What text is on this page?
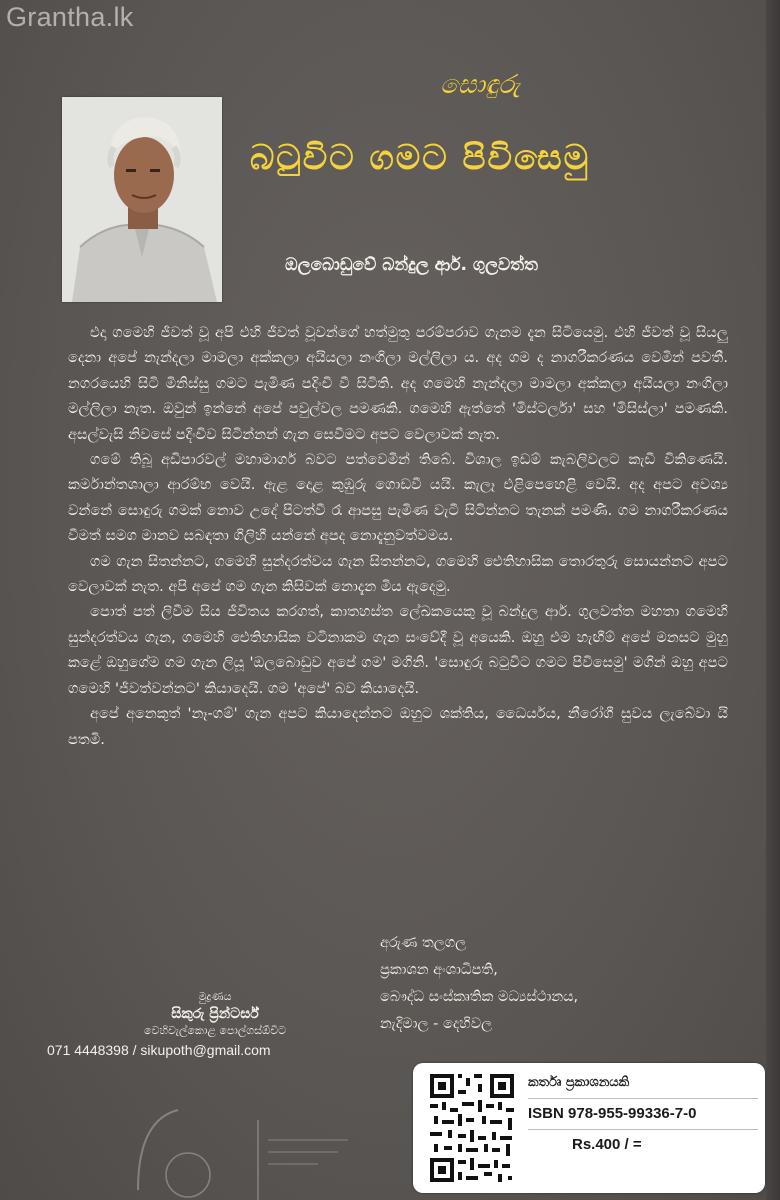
Grantha.lk
සොඳුරු
බටුවිට ගමට පිවිසෙමු
ඔලබොඩුවේ බන්දුල ආර්. ගුලවත්ත

එදා ගමෙහි ජීවත් වූ අපි එහි ජීවත් වූවන්ගේ හත්මුතු පරම්පරාව ගැනම දැන සිටියෙමු. එහි ජීවත් වූ සියලු දෙනා අපේ නැන්දලා මාමලා අක්කලා අයියලා නංගිලා මල්ලිලා ය. අද ගම ද නාගරීකරණය වෙමින් පවතී. නගරයෙහි සිටි මිනිස්සු ගමට පැමිණ පදිංචි වී සිටිති. අද ගමෙහි නැන්දලා මාමලා අක්කලා අයියලා නංගිලා මල්ලිලා නැත. ඔවුන් ඉන්නේ අපේ පවුල්වල පමණකි. ගමෙහි ඇත්තේ 'මිස්ටර්ලා' සහ 'මිසිස්ලා' පමණකි. අසල්වැසි නිවසේ පදිංචිව සිටින්නන් ගැන සෙවීමට අපට වෙලාවක් නැත.

ගමේ තිබූ අඩිපාරවල් මහාමාර්ග බවට පත්වෙමින් තිබේ. විශාල ඉඩම් කැබලිවලට කැඩී විකිණෙයි. කර්මාන්තශාලා ආරම්භ වෙයි. ඇළ දොළ කුඹුරු ගොඩවී යයි. කැලෑ එළිපෙහෙළි වෙයි. අද අපට අවශ්‍ය වන්නේ සොඳුරු ගමක් නොව උදේ පිටත්වී රෑ ආපසු පැමිණ වැටී සිටින්නට තැනක් පමණි. ගම නාගරීකරණය වීමත් සමග මානව සබඳතා ගිලිහී යන්නේ අපද නොදැනුවත්වමය.

ගම ගැන සිතන්නට, ගමෙහි සුන්දරත්වය ගැන සිතන්නට, ගමෙහි ඓතිහාසික තොරතුරු සොයන්නට අපට වෙලාවක් නැත. අපි අපේ ගම ගැන කිසිවක් නොදැන මිය ඇදෙමු.

පොත් පත් ලිවීම සිය ජීවිතය කරගත්, කාතහස්ත ලේඛකයෙකු වූ බන්දුල ආර්. ගුලවත්ත මහතා ගමෙහි සුන්දරත්වය ගැන, ගමෙහි ඓතිහාසික වටිනාකම ගැන සංවේදී වූ අයෙකි. ඔහු එම හැඟීම් අපේ මනසට මුහු කළේ ඔහුගේම ගම ගැන ලියූ 'ඔලබොඩුව අපේ ගම' මගිනි. 'සොඳුරු බටුවිට ගමට පිවිසෙමු' මගින් ඔහු අපට ගමෙහි 'ජීවත්වන්නට' කියාදෙයි. ගම 'අපේ' බව කියාදෙයි.

අපේ අනෙකුත් 'නෑ-ගම්' ගැන අපට කියාදෙන්නට ඔහුට ශක්තිය, ධෛර්යය, නීරෝගී සුවය ලැබේවා යි පතමි.

අරුණ තලගල
ප්‍රකාශන අංශාධිපති,
බෞද්ධ සංස්කෘතික මධ්‍යස්ථානය,
නැදිමාල - දෙහිවල
මුද්‍රණය
සිකුරු ප්‍රින්ටර්ස්
වෙහිවැල්කොළ පොල්ගස්ඕවිට
071 4448398 / sikupoth@gmail.com
කර්තෘ ප්‍රකාශනයකි
ISBN 978-955-99336-7-0
Rs.400 / =
